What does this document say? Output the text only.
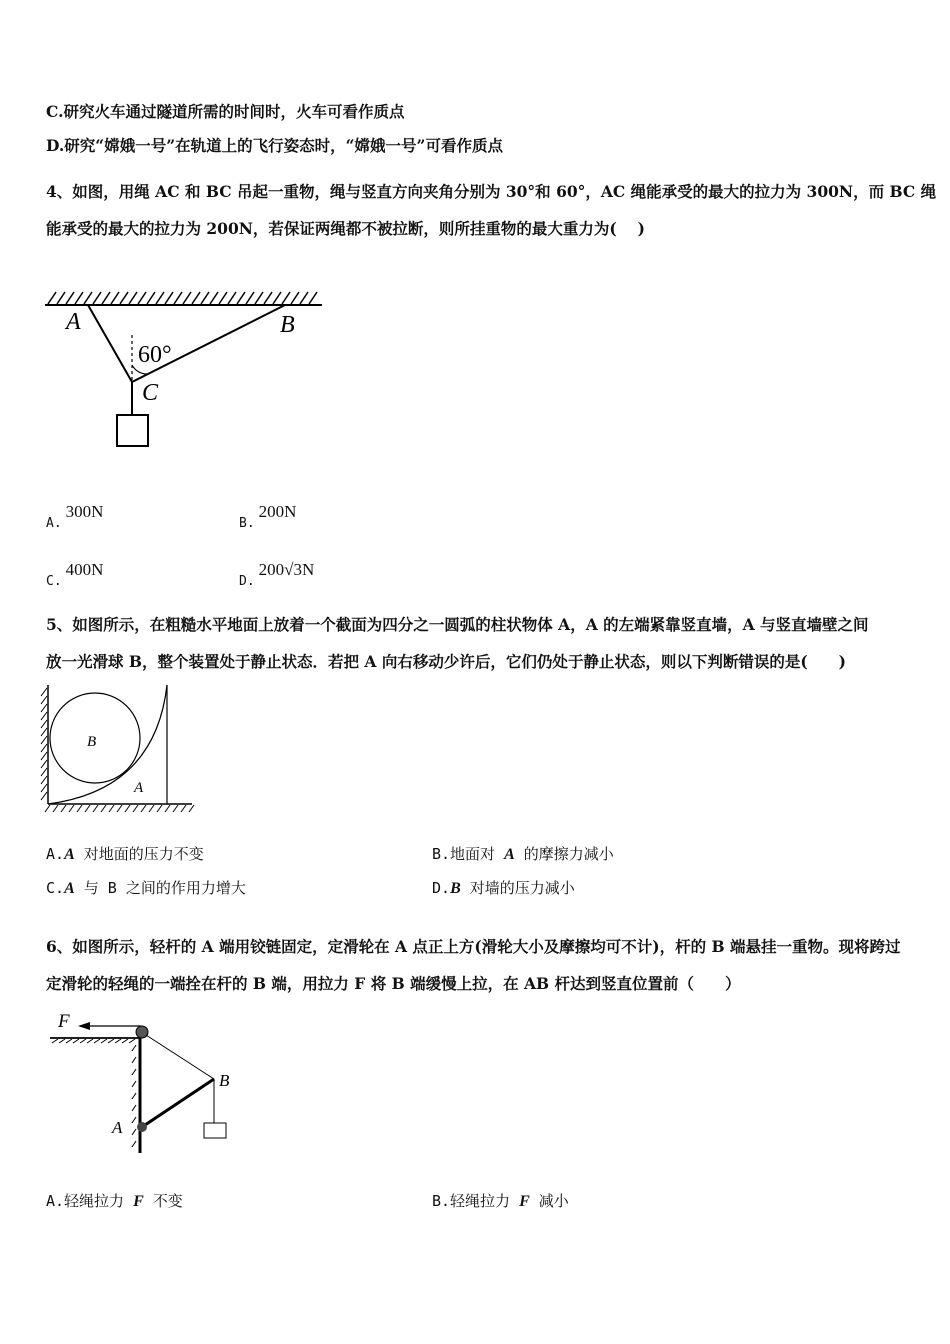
C.研究火车通过隧道所需的时间时，火车可看作质点
D.研究“嫦娥一号”在轨道上的飞行姿态时，“嫦娥一号”可看作质点
4、如图，用绳 AC 和 BC 吊起一重物，绳与竖直方向夹角分别为 30°和 60°，AC 绳能承受的最大的拉力为 300N，而 BC 绳
能承受的最大的拉力为 200N，若保证两绳都不被拉断，则所挂重物的最大重力为(　 )
A	B
C
60°
A.300N
B.200N
C.400N
D.200√3N
5、如图所示，在粗糙水平地面上放着一个截面为四分之一圆弧的柱状物体 A，A 的左端紧靠竖直墙，A 与竖直墙壁之间
放一光滑球 B，整个装置处于静止状态．若把 A 向右移动少许后，它们仍处于静止状态，则以下判断错误的是(　　)
B
A
A.A 对地面的压力不变	B.地面对 A 的摩擦力减小
C.A 与 B 之间的作用力增大	D.B 对墙的压力减小
6、如图所示，轻杆的 A 端用铰链固定，定滑轮在 A 点正上方(滑轮大小及摩擦均可不计)，杆的 B 端悬挂一重物。现将跨过
定滑轮的轻绳的一端拴在杆的 B 端，用拉力 F 将 B 端缓慢上拉，在 AB 杆达到竖直位置前（　　）
F
B
A
A.轻绳拉力 F 不变	B.轻绳拉力 F 减小
